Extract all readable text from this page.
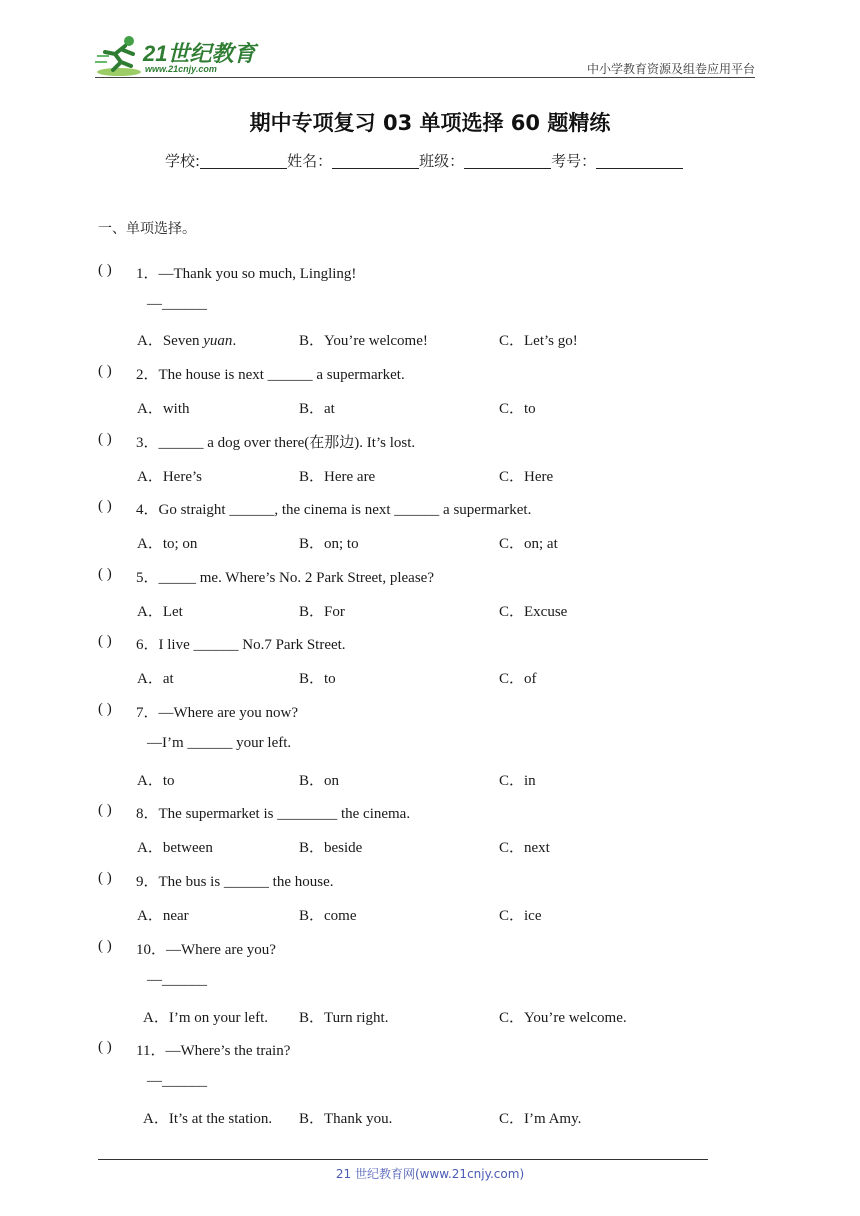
21世纪教育
www.21cnjy.com	中小学教育资源及组卷应用平台
期中专项复习 03 单项选择 60 题精练
学校:	姓名：	班级：	考号：
一、单项选择。
( ) 1．—Thank you so much, Lingling!
—______
A．Seven yuan.	B．You’re welcome!	C．Let’s go!
( ) 2．The house is next ______ a supermarket.
A．with	B．at	C．to
( ) 3．______ a dog over there(在那边). It’s lost.
A．Here’s	B．Here are	C．Here
( ) 4．Go straight ______, the cinema is next ______ a supermarket.
A．to; on	B．on; to	C．on; at
( ) 5．_____ me. Where’s No. 2 Park Street, please?
A．Let	B．For	C．Excuse
( ) 6．I live ______ No.7 Park Street.
A．at	B．to	C．of
( ) 7．—Where are you now?
—I’m ______ your left.
A．to	B．on	C．in
( ) 8．The supermarket is ________ the cinema.
A．between	B．beside	C．next
( ) 9．The bus is ______ the house.
A．near	B．come	C．ice
( ) 10．—Where are you?
—______
A．I’m on your left. B．Turn right.	C．You’re welcome.
( ) 11．—Where’s the train?
—______
A．It’s at the station. B．Thank you.	C．I’m Amy.
21 世纪教育网(www.21cnjy.com)
